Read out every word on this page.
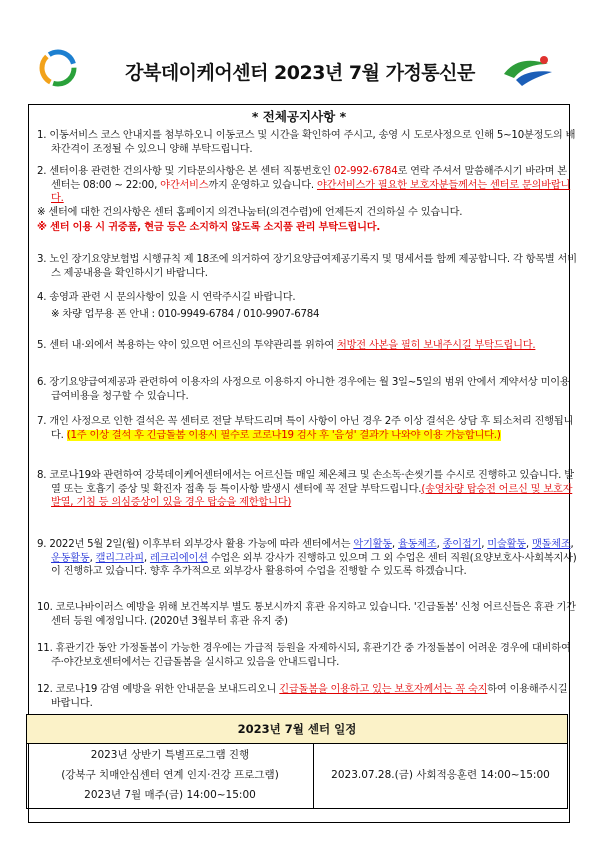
강북데이케어센터 2023년 7월 가정통신문
* 전체공지사항 *
1. 이동서비스 코스 안내지를 첨부하오니 이동코스 및 시간을 확인하여 주시고, 송영 시 도로사정으로 인해 5~10분정도의 배차간격이 조정될 수 있으니 양해 부탁드립니다.
2. 센터이용 관련한 건의사항 및 기타문의사항은 본 센터 직통번호인 02-992-6784로 연락 주셔서 말씀해주시기 바라며 본 센터는 08:00 ~ 22:00, 야간서비스까지 운영하고 있습니다. 야간서비스가 필요한 보호자분들께서는 센터로 문의바랍니다.
※ 센터에 대한 건의사항은 센터 홈페이지 의견나눔터(의견수렴)에 언제든지 건의하실 수 있습니다.
※ 센터 이용 시 귀중품, 현금 등은 소지하지 않도록 소지품 관리 부탁드립니다.
3. 노인 장기요양보험법 시행규칙 제 18조에 의거하여 장기요양급여제공기록지 및 명세서를 함께 제공합니다. 각 항목별 서비스 제공내용을 확인하시기 바랍니다.
4. 송영과 관련 시 문의사항이 있을 시 연락주시길 바랍니다.
※ 차량 업무용 폰 안내 : 010-9949-6784 / 010-9907-6784
5. 센터 내·외에서 복용하는 약이 있으면 어르신의 투약관리를 위하여 처방전 사본을 필히 보내주시길 부탁드립니다.
6. 장기요양급여제공과 관련하여 이용자의 사정으로 이용하지 아니한 경우에는 월 3일~5일의 범위 안에서 계약서상 미이용 급여비용을 청구할 수 있습니다.
7. 개인 사정으로 인한 결석은 꼭 센터로 전달 부탁드리며 특이 사항이 아닌 경우 2주 이상 결석은 상담 후 퇴소처리 진행됩니다. (1주 이상 결석 후 긴급돌봄 이용시 필수로 코로나19 검사 후 '음성' 결과가 나와야 이용 가능합니다.)
8. 코로나19와 관련하여 강북데이케어센터에서는 어르신들 매일 체온체크 및 손소독·손씻기를 수시로 진행하고 있습니다. 발열 또는 호흡기 증상 및 확진자 접촉 등 특이사항 발생시 센터에 꼭 전달 부탁드립니다.(송영차량 탑승전 어르신 및 보호자 발열, 기침 등 의심증상이 있을 경우 탑승을 제한합니다)
9. 2022년 5월 2일(월) 이후부터 외부강사 활용 가능에 따라 센터에서는 악기활동, 율동체조, 종이접기, 미술활동, 맷돌체조, 운동활동, 캘리그라피, 레크리에이션 수업은 외부 강사가 진행하고 있으며 그 외 수업은 센터 직원(요양보호사·사회복지사)이 진행하고 있습니다. 향후 추가적으로 외부강사 활용하여 수업을 진행할 수 있도록 하겠습니다.
10. 코로나바이러스 예방을 위해 보건복지부 별도 통보시까지 휴관 유지하고 있습니다. '긴급돌봄' 신청 어르신들은 휴관 기간 센터 등원 예정입니다. (2020년 3월부터 휴관 유지 중)
11. 휴관기간 동안 가정돌봄이 가능한 경우에는 가급적 등원을 자제하시되, 휴관기간 중 가정돌봄이 어려운 경우에 대비하여 주·야간보호센터에서는 긴급돌봄을 실시하고 있음을 안내드립니다.
12. 코로나19 감염 예방을 위한 안내문을 보내드리오니 긴급돌봄을 이용하고 있는 보호자께서는 꼭 숙지하여 이용해주시길 바랍니다.
2023년 7월 센터 일정
2023년 상반기 특별프로그램 진행
(강북구 치매안심센터 연계 인지·건강 프로그램)
2023년 7월 매주(금) 14:00~15:00
2023.07.28.(금) 사회적응훈련 14:00~15:00
